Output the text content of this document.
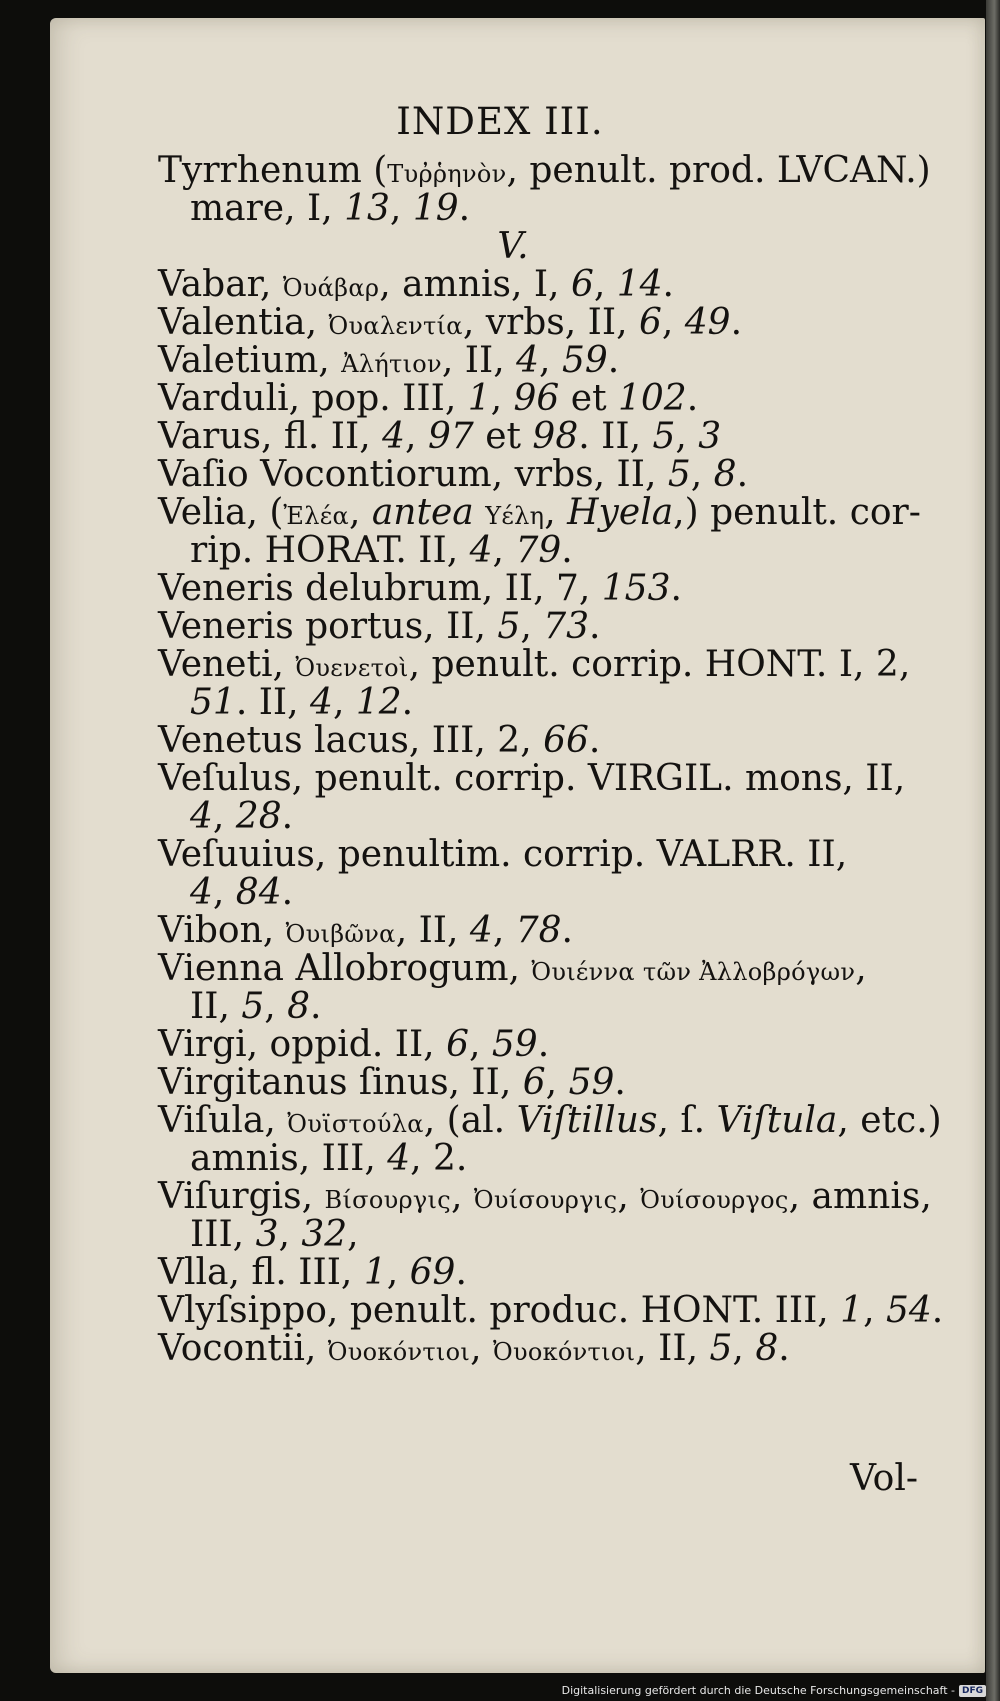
INDEX III.
Tyrrhenum (Τυῤῥηνὸν, penult. prod. LVCAN.)
mare, I, 13, 19.
V.
Vabar, Ὀυάβαρ, amnis, I, 6, 14.
Valentia, Ὀυαλεντία, vrbs, II, 6, 49.
Valetium, Ἀλήτιον, II, 4, 59.
Varduli, pop. III, 1, 96 et 102.
Varus, fl. II, 4, 97 et 98. II, 5, 3
Vaſio Vocontiorum, vrbs, II, 5, 8.
Velia, (Ἐλέα, antea Υέλη, Hyela,) penult. cor-
rip. HORAT. II, 4, 79.
Veneris delubrum, II, 7, 153.
Veneris portus, II, 5, 73.
Veneti, Ὀυενετοὶ, penult. corrip. HONT. I, 2,
51. II, 4, 12.
Venetus lacus, III, 2, 66.
Veſulus, penult. corrip. VIRGIL. mons, II,
4, 28.
Veſuuius, penultim. corrip. VALRR. II,
4, 84.
Vibon, Ὀυιβῶνα, II, 4, 78.
Vienna Allobrogum, Ὀυιέννα τῶν Ἀλλοβρόγων,
II, 5, 8.
Virgi, oppid. II, 6, 59.
Virgitanus ſinus, II, 6, 59.
Viſula, Ὀυϊστούλα, (al. Viſtillus, ſ. Viſtula, etc.)
amnis, III, 4, 2.
Viſurgis, Βίσουργις, Ὀυίσουργις, Ὀυίσουργος, amnis,
III, 3, 32,
Vlla, fl. III, 1, 69.
Vlyſsippo, penult. produc. HONT. III, 1, 54.
Vocontii, Ὀυοκόντιοι, Ὀυοκόντιοι, II, 5, 8.
Vol-
Digitalisierung gefördert durch die Deutsche Forschungsgemeinschaft - DFG
